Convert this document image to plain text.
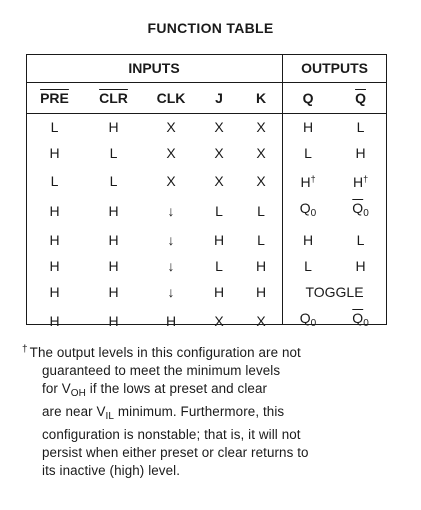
FUNCTION TABLE
INPUTS					OUTPUTS	
$\overline{PRE}$	$\overline{CLR}$	CLK	J	K	Q	$\overline{Q}$
L	H	X	X	X	H	L
H	L	X	X	X	L	H
L	L	X	X	X	H†	H†
H	H	↓	L	L	$Q_0$	$\overline{Q}_0$
H	H	↓	H	L	H	L
H	H	↓	L	H	L	H
H	H	↓	H	H	TOGGLE	
H	H	H	X	X	$Q_0$	$\overline{Q}_0$
† The output levels in this configuration are not
guaranteed to meet the minimum levels
for $V_{OH}$ if the lows at preset and clear
are near $V_{IL}$ minimum. Furthermore, this
configuration is nonstable; that is, it will not
persist when either preset or clear returns to
its inactive (high) level.
